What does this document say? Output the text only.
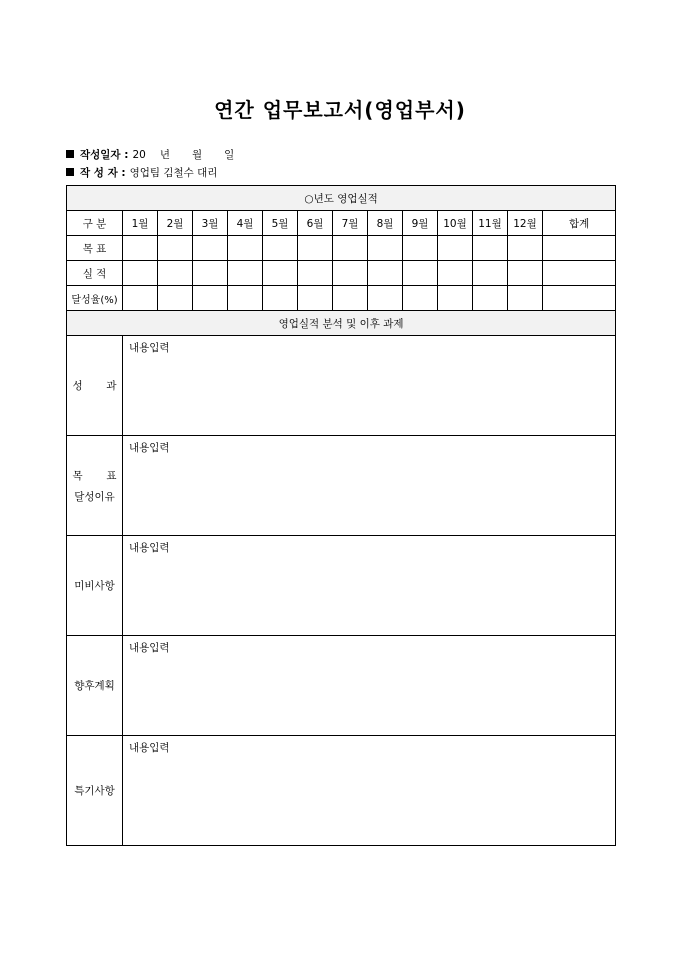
연간 업무보고서(영업부서)
작성일자 : 20 년 월 일
작 성 자 : 영업팀 김철수 대리
○년도 영업실적													
구 분	1월	2월	3월	4월	5월	6월	7월	8월	9월	10월	11월	12월	합계
목 표													
실 적													
달성율(%)													
영업실적 분석 및 이후 과제													
성 과	내용입력												
목 표
달성이유	내용입력												
미비사항	내용입력												
향후계획	내용입력												
특기사항	내용입력												
